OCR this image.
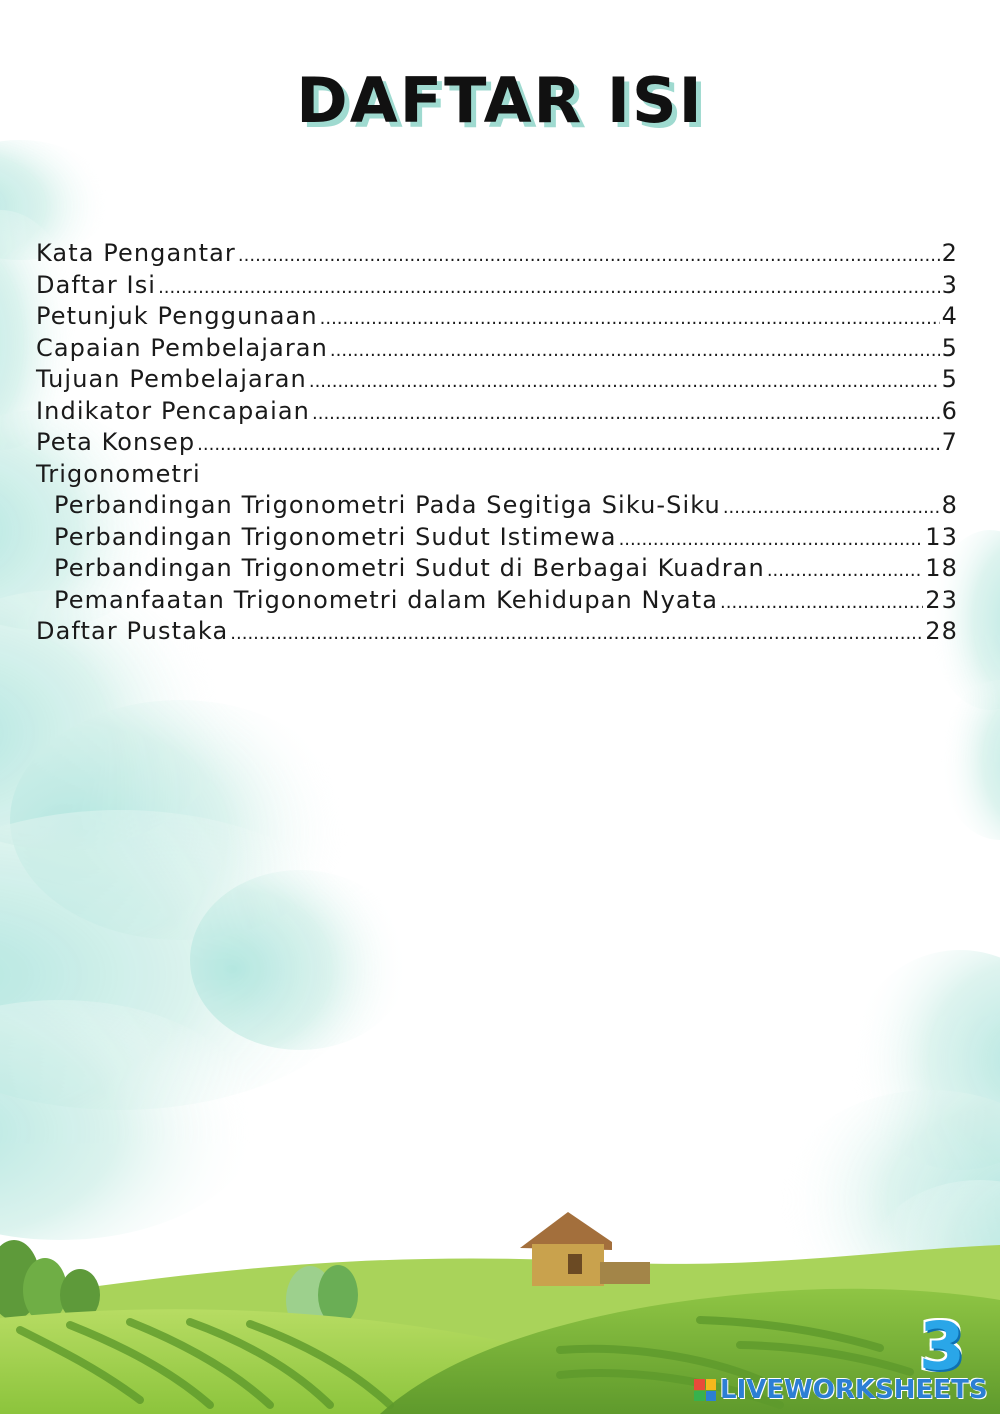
DAFTAR ISI
Kata Pengantar .....	2
Daftar Isi .....	3
Petunjuk Penggunaan .....	4
Capaian Pembelajaran .....	5
Tujuan Pembelajaran .....	5
Indikator Pencapaian .....	6
Peta Konsep .....	7
Trigonometri
Perbandingan Trigonometri Pada Segitiga Siku-Siku .....	8
Perbandingan Trigonometri Sudut Istimewa .....	13
Perbandingan Trigonometri Sudut di Berbagai Kuadran .....	18
Pemanfaatan Trigonometri dalam Kehidupan Nyata .....	23
Daftar Pustaka .....	28
3
LIVEWORKSHEETS
